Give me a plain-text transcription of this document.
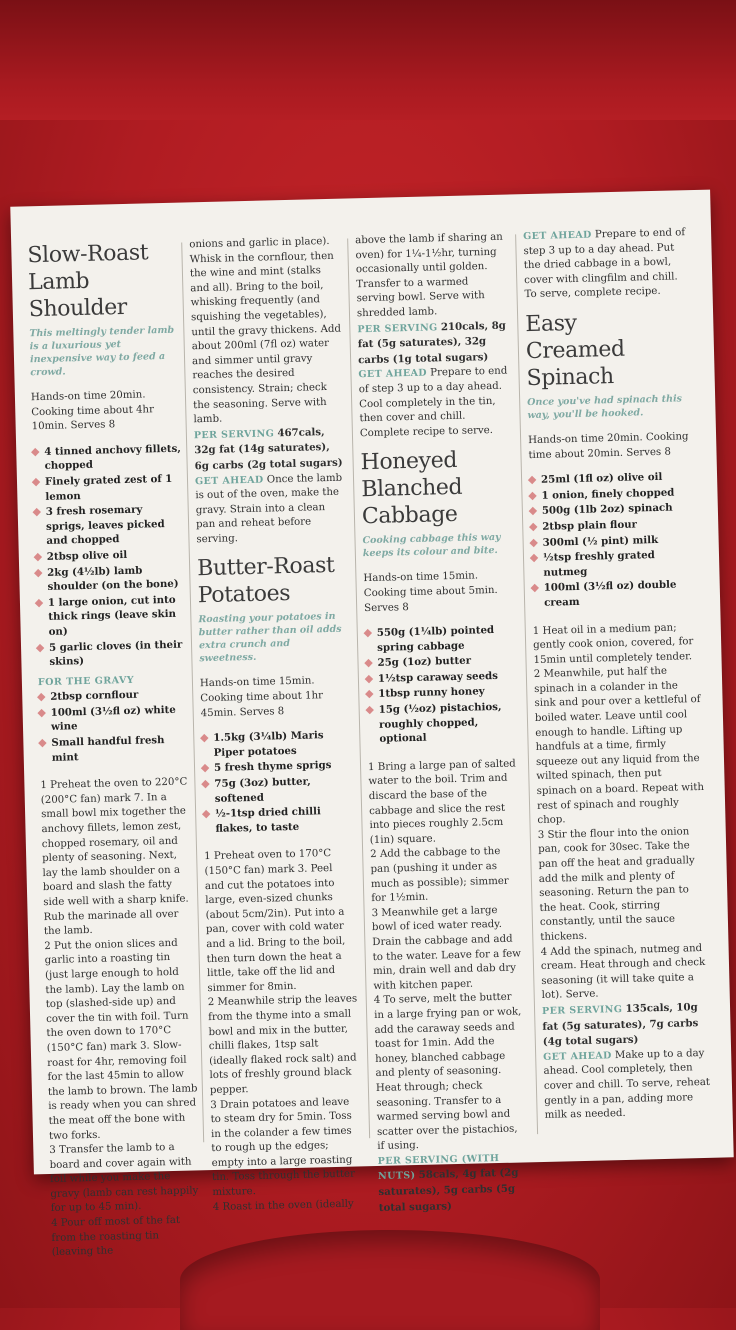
Slow-Roast
Lamb
Shoulder
This meltingly tender lamb is a luxurious yet inexpensive way to feed a crowd.
Hands-on time 20min. Cooking time about 4hr 10min. Serves 8
4 tinned anchovy fillets, chopped
Finely grated zest of 1 lemon
3 fresh rosemary sprigs, leaves picked and chopped
2tbsp olive oil
2kg (4½lb) lamb shoulder (on the bone)
1 large onion, cut into thick rings (leave skin on)
5 garlic cloves (in their skins)
FOR THE GRAVY
2tbsp cornflour
100ml (3½fl oz) white wine
Small handful fresh mint
1 Preheat the oven to 220°C (200°C fan) mark 7. In a small bowl mix together the anchovy fillets, lemon zest, chopped rosemary, oil and plenty of seasoning. Next, lay the lamb shoulder on a board and slash the fatty side well with a sharp knife. Rub the marinade all over the lamb.
2 Put the onion slices and garlic into a roasting tin (just large enough to hold the lamb). Lay the lamb on top (slashed-side up) and cover the tin with foil. Turn the oven down to 170°C (150°C fan) mark 3. Slow-roast for 4hr, removing foil for the last 45min to allow the lamb to brown. The lamb is ready when you can shred the meat off the bone with two forks.
3 Transfer the lamb to a board and cover again with foil while you make the gravy (lamb can rest happily for up to 45 min).
4 Pour off most of the fat from the roasting tin (leaving the
onions and garlic in place). Whisk in the cornflour, then the wine and mint (stalks and all). Bring to the boil, whisking frequently (and squishing the vegetables), until the gravy thickens. Add about 200ml (7fl oz) water and simmer until gravy reaches the desired consistency. Strain; check the seasoning. Serve with lamb.
PER SERVING 467cals, 32g fat (14g saturates), 6g carbs (2g total sugars)
GET AHEAD Once the lamb is out of the oven, make the gravy. Strain into a clean pan and reheat before serving.
Butter-Roast
Potatoes
Roasting your potatoes in butter rather than oil adds extra crunch and sweetness.
Hands-on time 15min. Cooking time about 1hr 45min. Serves 8
1.5kg (3¼lb) Maris Piper potatoes
5 fresh thyme sprigs
75g (3oz) butter, softened
½-1tsp dried chilli flakes, to taste
1 Preheat oven to 170°C (150°C fan) mark 3. Peel and cut the potatoes into large, even-sized chunks (about 5cm/2in). Put into a pan, cover with cold water and a lid. Bring to the boil, then turn down the heat a little, take off the lid and simmer for 8min.
2 Meanwhile strip the leaves from the thyme into a small bowl and mix in the butter, chilli flakes, 1tsp salt (ideally flaked rock salt) and lots of freshly ground black pepper.
3 Drain potatoes and leave to steam dry for 5min. Toss in the colander a few times to rough up the edges; empty into a large roasting tin. Toss through the butter mixture.
4 Roast in the oven (ideally
above the lamb if sharing an oven) for 1¼-1½hr, turning occasionally until golden. Transfer to a warmed serving bowl. Serve with shredded lamb.
PER SERVING 210cals, 8g fat (5g saturates), 32g carbs (1g total sugars)
GET AHEAD Prepare to end of step 3 up to a day ahead. Cool completely in the tin, then cover and chill. Complete recipe to serve.
Honeyed
Blanched
Cabbage
Cooking cabbage this way keeps its colour and bite.
Hands-on time 15min. Cooking time about 5min. Serves 8
550g (1¼lb) pointed spring cabbage
25g (1oz) butter
1½tsp caraway seeds
1tbsp runny honey
15g (½oz) pistachios, roughly chopped, optional
1 Bring a large pan of salted water to the boil. Trim and discard the base of the cabbage and slice the rest into pieces roughly 2.5cm (1in) square.
2 Add the cabbage to the pan (pushing it under as much as possible); simmer for 1½min.
3 Meanwhile get a large bowl of iced water ready. Drain the cabbage and add to the water. Leave for a few min, drain well and dab dry with kitchen paper.
4 To serve, melt the butter in a large frying pan or wok, add the caraway seeds and toast for 1min. Add the honey, blanched cabbage and plenty of seasoning. Heat through; check seasoning. Transfer to a warmed serving bowl and scatter over the pistachios, if using.
PER SERVING (WITH NUTS) 58cals, 4g fat (2g saturates), 5g carbs (5g total sugars)
GET AHEAD Prepare to end of step 3 up to a day ahead. Put the dried cabbage in a bowl, cover with clingfilm and chill. To serve, complete recipe.
Easy
Creamed
Spinach
Once you've had spinach this way, you'll be hooked.
Hands-on time 20min. Cooking time about 20min. Serves 8
25ml (1fl oz) olive oil
1 onion, finely chopped
500g (1lb 2oz) spinach
2tbsp plain flour
300ml (½ pint) milk
½tsp freshly grated nutmeg
100ml (3½fl oz) double cream
1 Heat oil in a medium pan; gently cook onion, covered, for 15min until completely tender.
2 Meanwhile, put half the spinach in a colander in the sink and pour over a kettleful of boiled water. Leave until cool enough to handle. Lifting up handfuls at a time, firmly squeeze out any liquid from the wilted spinach, then put spinach on a board. Repeat with rest of spinach and roughly chop.
3 Stir the flour into the onion pan, cook for 30sec. Take the pan off the heat and gradually add the milk and plenty of seasoning. Return the pan to the heat. Cook, stirring constantly, until the sauce thickens.
4 Add the spinach, nutmeg and cream. Heat through and check seasoning (it will take quite a lot). Serve.
PER SERVING 135cals, 10g fat (5g saturates), 7g carbs (4g total sugars)
GET AHEAD Make up to a day ahead. Cool completely, then cover and chill. To serve, reheat gently in a pan, adding more milk as needed.
